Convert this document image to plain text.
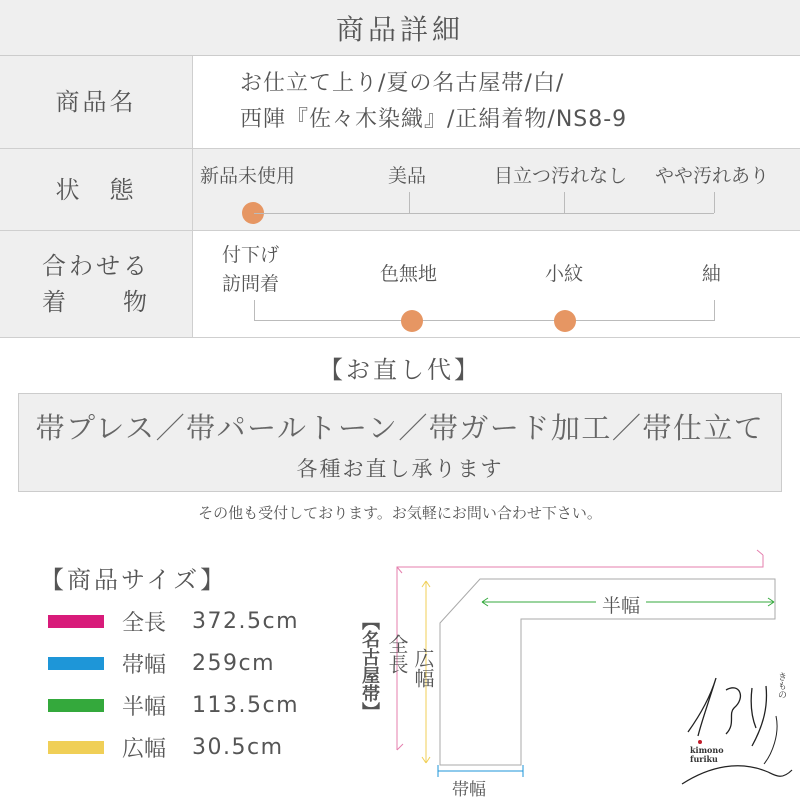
商品詳細
商品名
お仕立て上り/夏の名古屋帯/白/
西陣『佐々木染織』/正絹着物/NS8-9
状　態	新品未使用	美品	目立つ汚れなし やや汚れあり
合わせる
着　　物
付下げ
訪問着	色無地	小紋	紬
【お直し代】
帯プレス／帯パールトーン／帯ガード加工／帯仕立て
各種お直し承ります
その他も受付しております。お気軽にお問い合わせ下さい。
【商品サイズ】
全長	372.5cm
帯幅	259cm
半幅	113.5cm
広幅	30.5cm
【名古屋帯】 全長 広幅
半幅
帯幅
きもの
kimono
furiku
